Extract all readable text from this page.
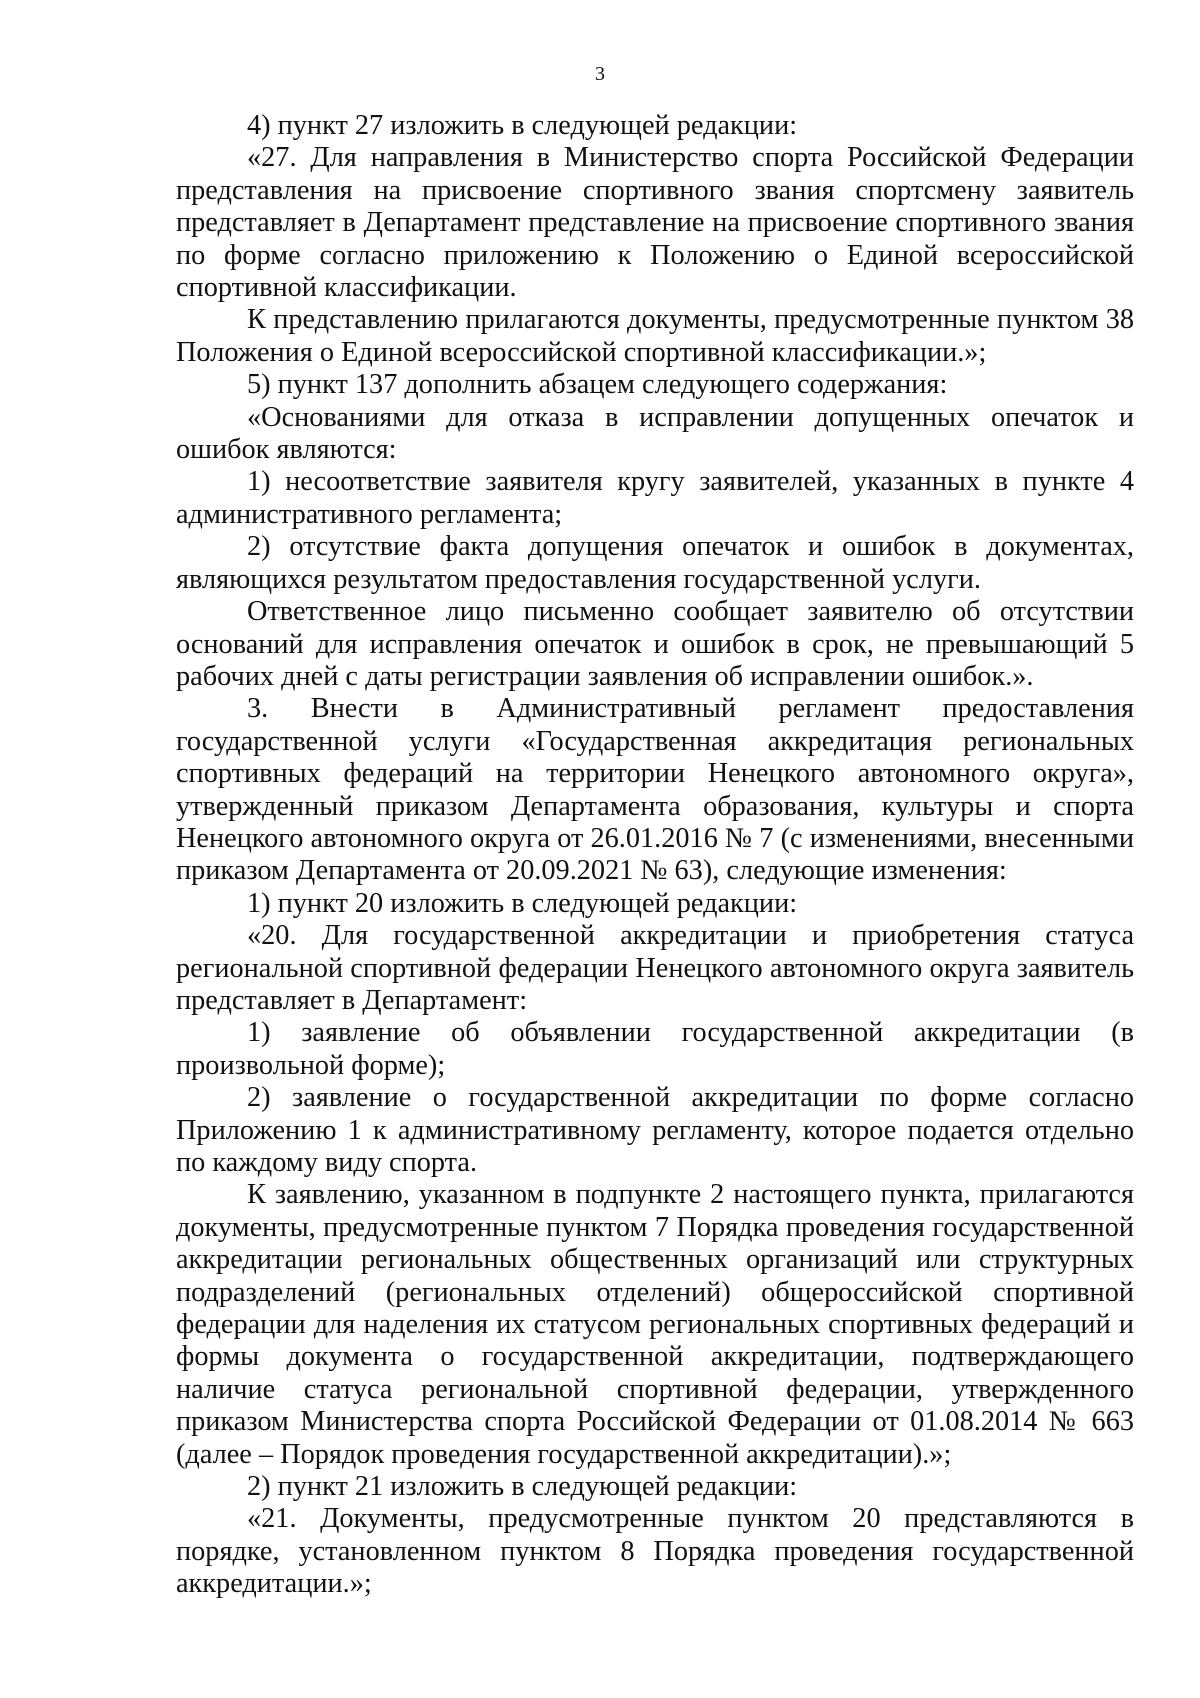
3

4) пункт 27 изложить в следующей редакции:

«27. Для направления в Министерство спорта Российской Федерации представления на присвоение спортивного звания спортсмену заявитель представляет в Департамент представление на присвоение спортивного звания по форме согласно приложению к Положению о Единой всероссийской спортивной классификации.

К представлению прилагаются документы, предусмотренные пунктом 38 Положения о Единой всероссийской спортивной классификации.»;

5) пункт 137 дополнить абзацем следующего содержания:

«Основаниями для отказа в исправлении допущенных опечаток и ошибок являются:

1) несоответствие заявителя кругу заявителей, указанных в пункте 4 административного регламента;

2) отсутствие факта допущения опечаток и ошибок в документах, являющихся результатом предоставления государственной услуги.

Ответственное лицо письменно сообщает заявителю об отсутствии оснований для исправления опечаток и ошибок в срок, не превышающий 5 рабочих дней с даты регистрации заявления об исправлении ошибок.».

3. Внести в Административный регламент предоставления государственной услуги «Государственная аккредитация региональных спортивных федераций на территории Ненецкого автономного округа», утвержденный приказом Департамента образования, культуры и спорта Ненецкого автономного округа от 26.01.2016 № 7 (с изменениями, внесенными приказом Департамента от 20.09.2021 № 63), следующие изменения:

1) пункт 20 изложить в следующей редакции:

«20. Для государственной аккредитации и приобретения статуса региональной спортивной федерации Ненецкого автономного округа заявитель представляет в Департамент:

1) заявление об объявлении государственной аккредитации (в произвольной форме);

2) заявление о государственной аккредитации по форме согласно Приложению 1 к административному регламенту, которое подается отдельно по каждому виду спорта.

К заявлению, указанном в подпункте 2 настоящего пункта, прилагаются документы, предусмотренные пунктом 7 Порядка проведения государственной аккредитации региональных общественных организаций или структурных подразделений (региональных отделений) общероссийской спортивной федерации для наделения их статусом региональных спортивных федераций и формы документа о государственной аккредитации, подтверждающего наличие статуса региональной спортивной федерации, утвержденного приказом Министерства спорта Российской Федерации от 01.08.2014 № 663 (далее – Порядок проведения государственной аккредитации).»;

2) пункт 21 изложить в следующей редакции:

«21. Документы, предусмотренные пунктом 20 представляются в порядке, установленном пунктом 8 Порядка проведения государственной аккредитации.»;
